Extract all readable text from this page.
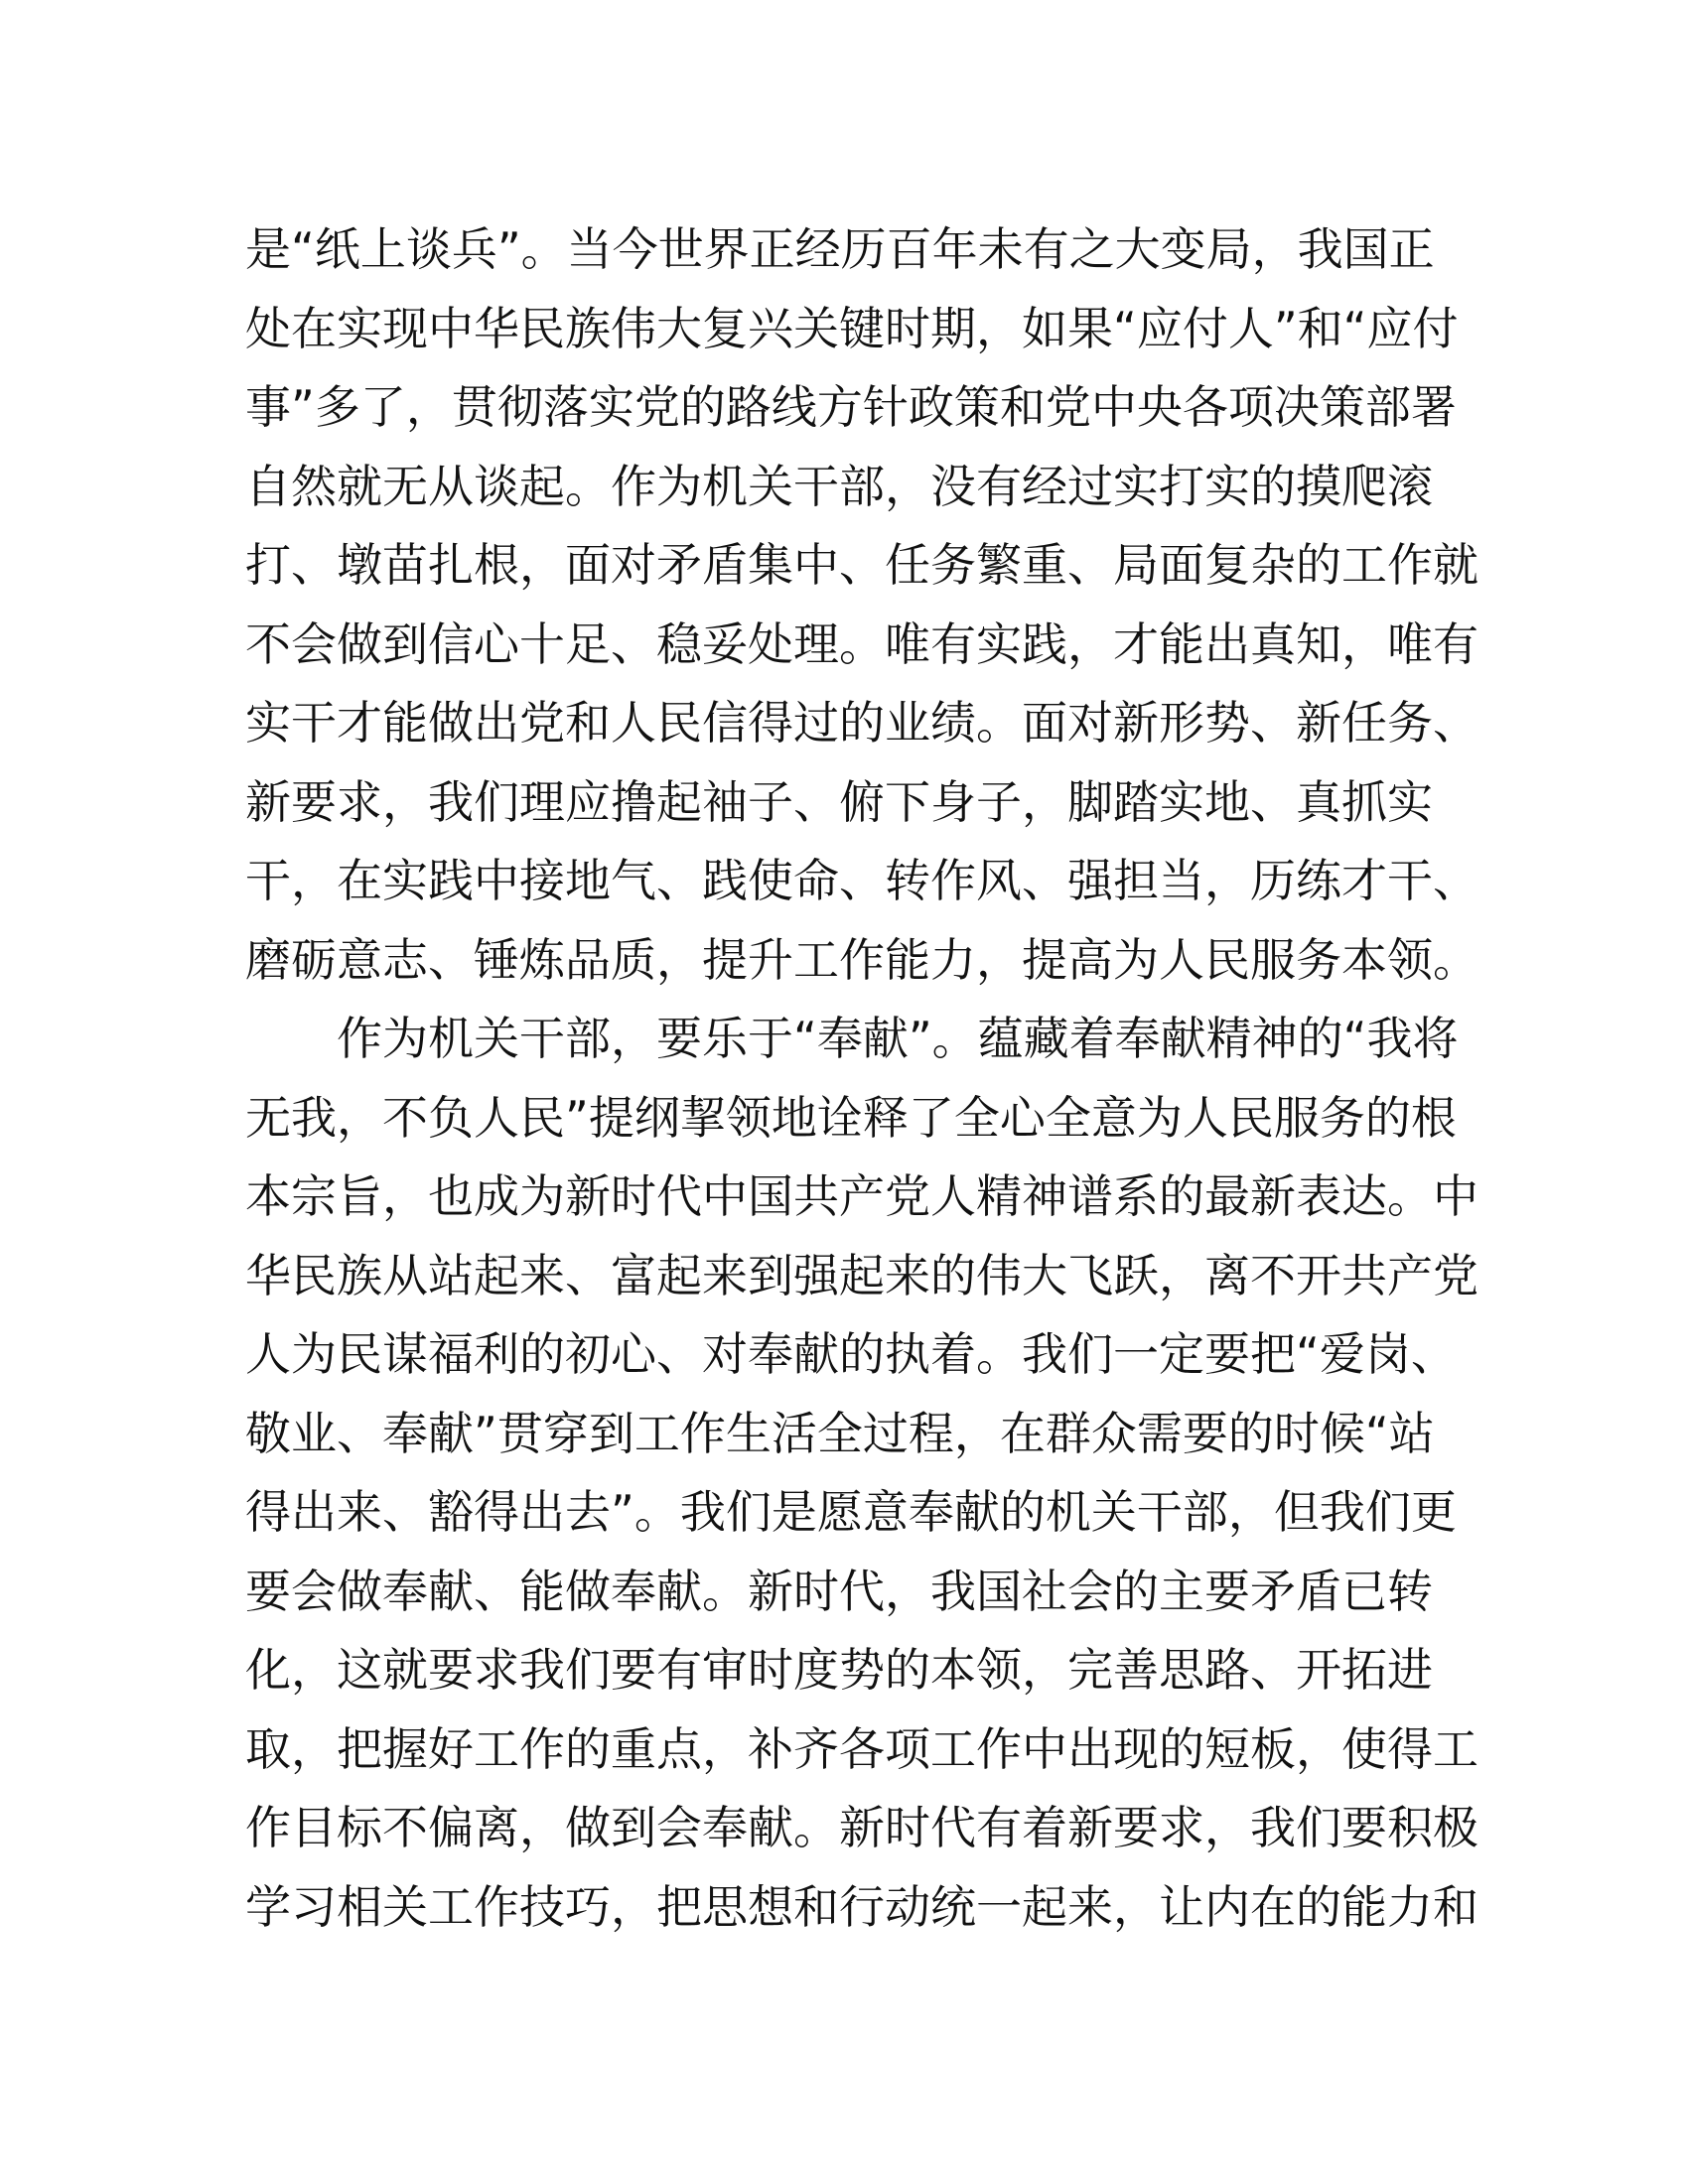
是“纸上谈兵”。当今世界正经历百年未有之大变局，我国正
处在实现中华民族伟大复兴关键时期，如果“应付人”和“应付
事”多了，贯彻落实党的路线方针政策和党中央各项决策部署
自然就无从谈起。作为机关干部，没有经过实打实的摸爬滚
打、墩苗扎根，面对矛盾集中、任务繁重、局面复杂的工作就
不会做到信心十足、稳妥处理。唯有实践，才能出真知，唯有
实干才能做出党和人民信得过的业绩。面对新形势、新任务、
新要求，我们理应撸起袖子、俯下身子，脚踏实地、真抓实
干，在实践中接地气、践使命、转作风、强担当，历练才干、
磨砺意志、锤炼品质，提升工作能力，提高为人民服务本领。

作为机关干部，要乐于“奉献”。蕴藏着奉献精神的“我将
无我，不负人民”提纲挈领地诠释了全心全意为人民服务的根
本宗旨，也成为新时代中国共产党人精神谱系的最新表达。中
华民族从站起来、富起来到强起来的伟大飞跃，离不开共产党
人为民谋福利的初心、对奉献的执着。我们一定要把“爱岗、
敬业、奉献”贯穿到工作生活全过程，在群众需要的时候“站
得出来、豁得出去”。我们是愿意奉献的机关干部，但我们更
要会做奉献、能做奉献。新时代，我国社会的主要矛盾已转
化，这就要求我们要有审时度势的本领，完善思路、开拓进
取，把握好工作的重点，补齐各项工作中出现的短板，使得工
作目标不偏离，做到会奉献。新时代有着新要求，我们要积极
学习相关工作技巧，把思想和行动统一起来，让内在的能力和
